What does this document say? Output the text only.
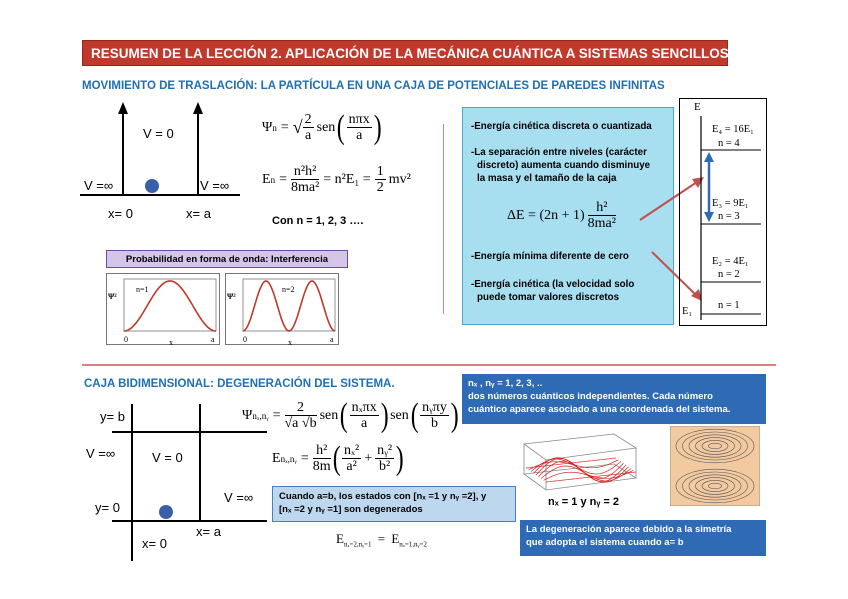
RESUMEN DE LA LECCIÓN 2. APLICACIÓN DE LA MECÁNICA CUÁNTICA A SISTEMAS SENCILLOS.
MOVIMIENTO DE TRASLACIÓN: LA PARTÍCULA EN UNA CAJA DE POTENCIALES DE PAREDES INFINITAS
V = 0
V =∞	V =∞
x= 0	x= a
Ψ n = √ $\frac{2}{a}$ sen ( $\frac{\text{nπx}}{a}$ )
E $n = \frac{\text{n²h²}}{\text{8ma²}} = n^2E_1 = \frac{1}{2} mv^2$
Con n = 1, 2, 3 ….
Probabilidad en forma de onda: Interferencia
n=1
Ψ²
0	x	a
n=2
Ψ²
0	x	a
-Energía cinética discreta o cuantizada
-La separación entre niveles (carácter
discreto) aumenta cuando disminuye
la masa y el tamaño de la caja
$\Delta E = (2n + 1) \frac{\text{h²}}{\text{8ma²}}$
-Energía mínima diferente de cero
-Energía cinética (la velocidad solo
puede tomar valores discretos
E
E₄ = 16E₁
n = 4
E₃ = 9E₁
n = 3
E₂ = 4E₁
n = 2
E₁
n = 1
CAJA BIDIMENSIONAL: DEGENERACIÓN DEL SISTEMA.
y= b
V =∞	V = 0
V =∞
y= 0
x= a
x= 0
Ψ nₓ,nᵧ = $\frac{2}{√a √b}$ sen ( $\frac{\text{nₓπx}}{a}$ ) sen ( $\frac{\text{nᵧπy}}{b}$ )
E nₓ,nᵧ = $\frac{\text{h²}}{8m}$ ( $\frac{\text{nₓ²}}{\text{a²}} + \frac{\text{nᵧ²}}{\text{b²}}$ )
Cuando a=b, los estados con [nₓ =1 y nᵧ =2], y
[nₓ =2 y nᵧ =1] son degenerados
$E_{n_x=2,nᵧ=1} = E_{n_x=1,nᵧ=2}$
nₓ , nᵧ = 1, 2, 3, ..
dos números cuánticos independientes. Cada número
cuántico aparece asociado a una coordenada del sistema.
nₓ = 1 y nᵧ = 2
La degeneración aparece debido a la simetría
que adopta el sistema cuando a= b
